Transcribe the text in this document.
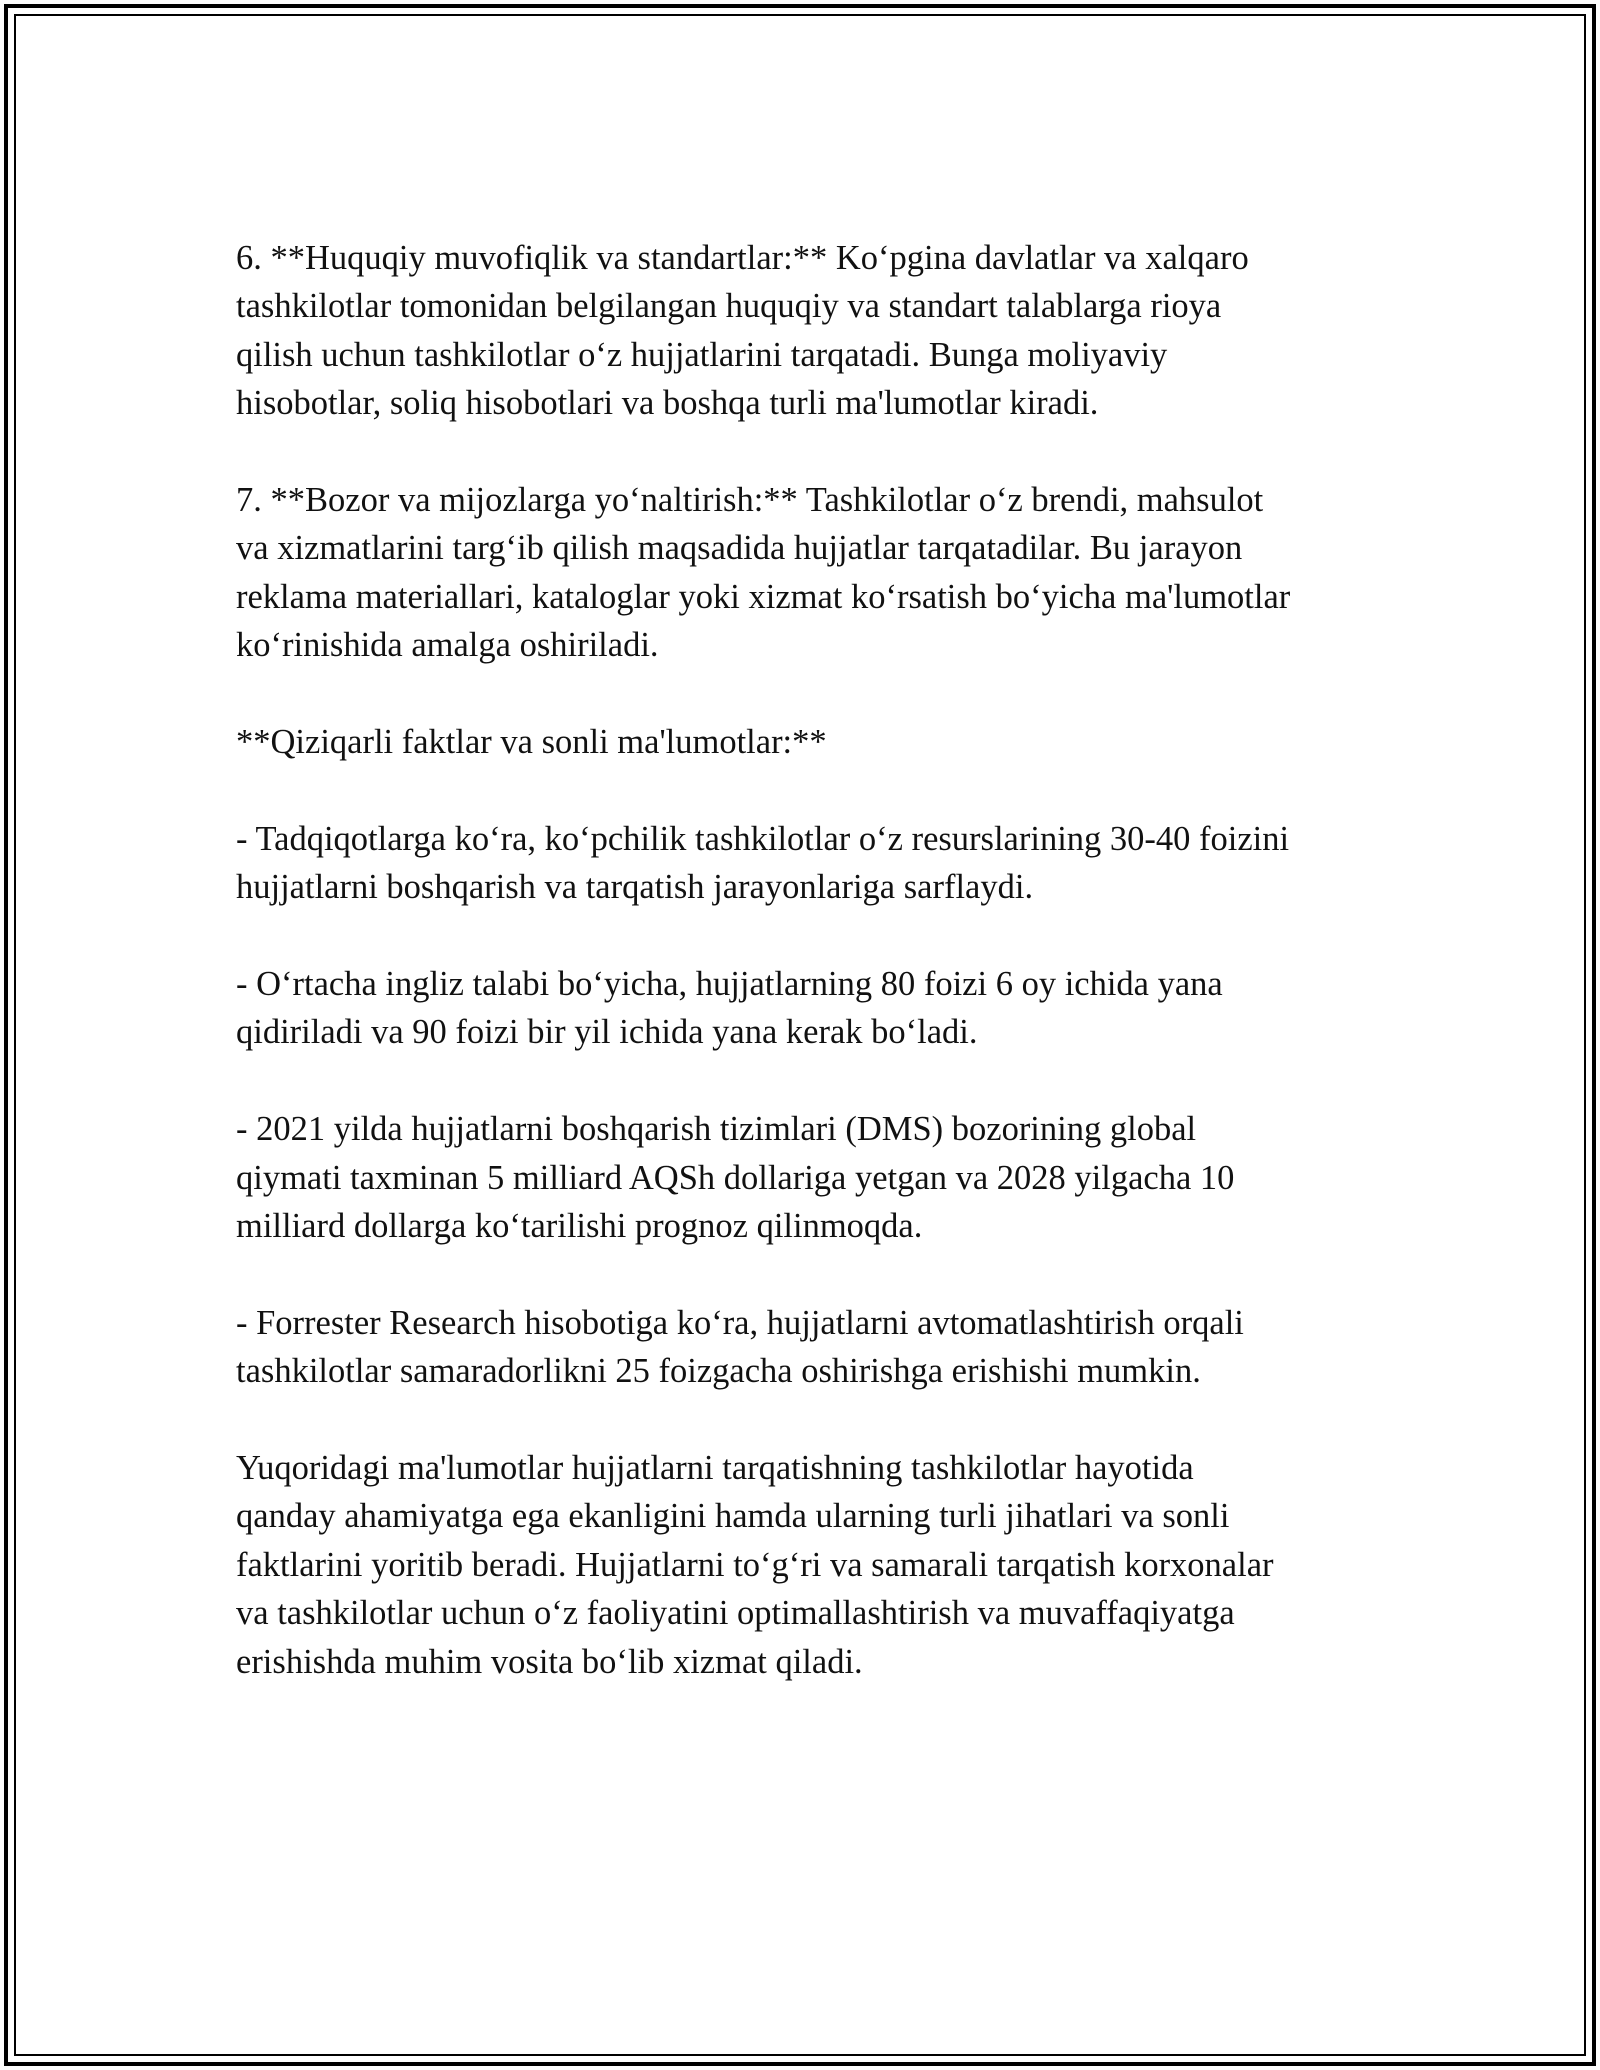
6. **Huquqiy muvofiqlik va standartlar:** Ko‘pgina davlatlar va xalqaro
tashkilotlar tomonidan belgilangan huquqiy va standart talablarga rioya
qilish uchun tashkilotlar o‘z hujjatlarini tarqatadi. Bunga moliyaviy
hisobotlar, soliq hisobotlari va boshqa turli ma'lumotlar kiradi.

7. **Bozor va mijozlarga yo‘naltirish:** Tashkilotlar o‘z brendi, mahsulot
va xizmatlarini targ‘ib qilish maqsadida hujjatlar tarqatadilar. Bu jarayon
reklama materiallari, kataloglar yoki xizmat ko‘rsatish bo‘yicha ma'lumotlar
ko‘rinishida amalga oshiriladi.

**Qiziqarli faktlar va sonli ma'lumotlar:**

- Tadqiqotlarga ko‘ra, ko‘pchilik tashkilotlar o‘z resurslarining 30-40 foizini
hujjatlarni boshqarish va tarqatish jarayonlariga sarflaydi.

- O‘rtacha ingliz talabi bo‘yicha, hujjatlarning 80 foizi 6 oy ichida yana
qidiriladi va 90 foizi bir yil ichida yana kerak bo‘ladi.

- 2021 yilda hujjatlarni boshqarish tizimlari (DMS) bozorining global
qiymati taxminan 5 milliard AQSh dollariga yetgan va 2028 yilgacha 10
milliard dollarga ko‘tarilishi prognoz qilinmoqda.

- Forrester Research hisobotiga ko‘ra, hujjatlarni avtomatlashtirish orqali
tashkilotlar samaradorlikni 25 foizgacha oshirishga erishishi mumkin.

Yuqoridagi ma'lumotlar hujjatlarni tarqatishning tashkilotlar hayotida
qanday ahamiyatga ega ekanligini hamda ularning turli jihatlari va sonli
faktlarini yoritib beradi. Hujjatlarni to‘g‘ri va samarali tarqatish korxonalar
va tashkilotlar uchun o‘z faoliyatini optimallashtirish va muvaffaqiyatga
erishishda muhim vosita bo‘lib xizmat qiladi.
